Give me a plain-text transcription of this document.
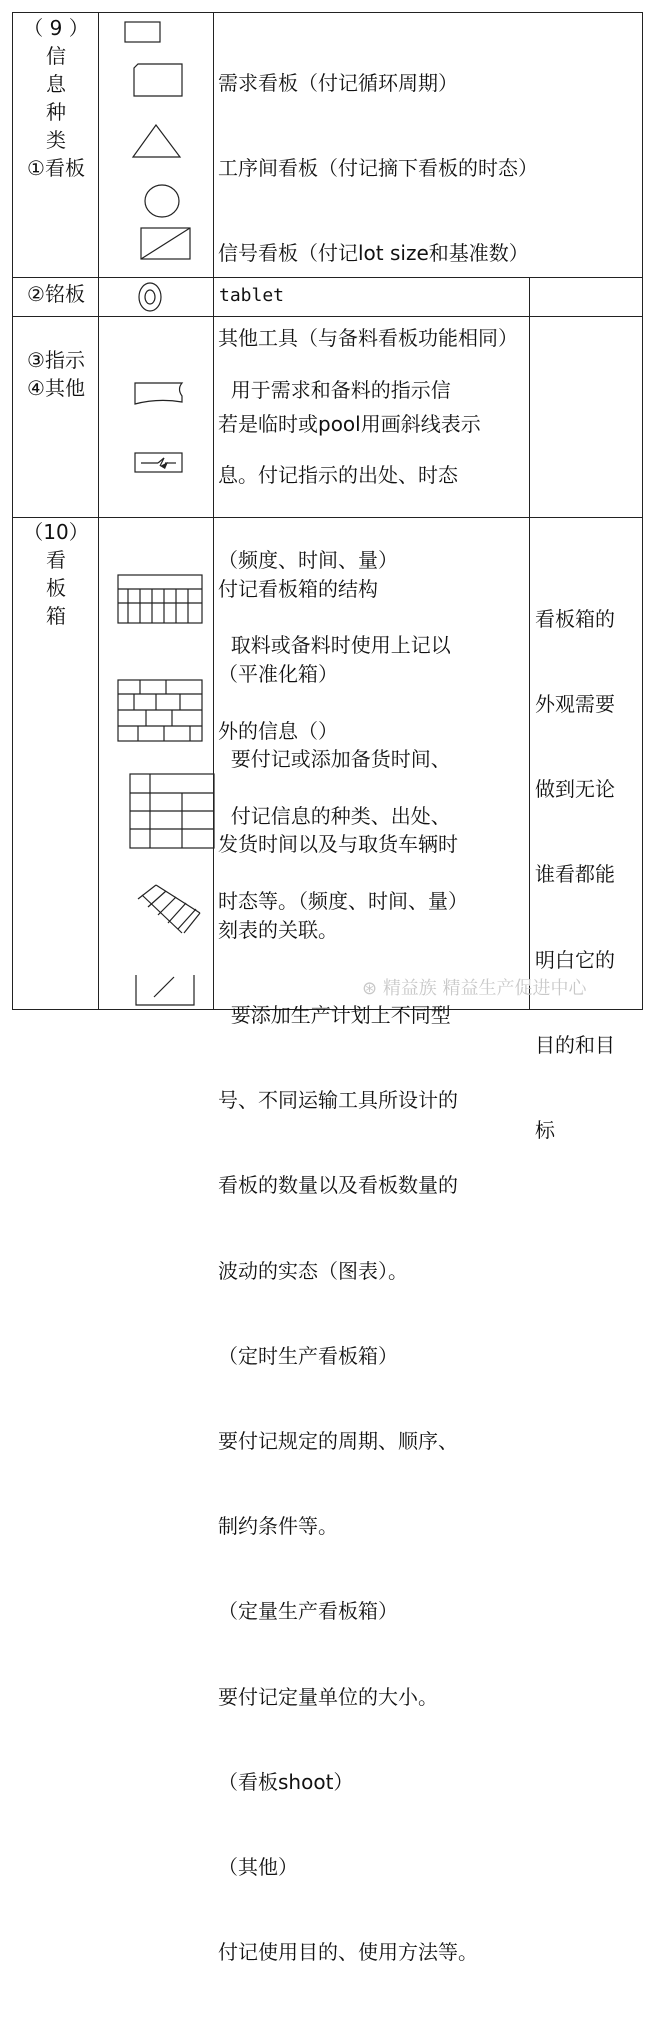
（ 9 ）
信
息
种
类
①看板

需求看板（付记循环周期）

工序间看板（付记摘下看板的时态）

信号看板（付记lot size和基准数）

其他工具（与备料看板功能相同）

若是临时或pool用画斜线表示

②铭板	tablet
③指示
④其他

	用于需求和备料的指示信

息。付记指示的出处、时态

（频度、时间、量）

取料或备料时使用上记以

外的信息（）

付记信息的种类、出处、

时态等。（频度、时间、量）

（10）
看
板
箱

付记看板箱的结构

（平准化箱）

要付记或添加备货时间、

发货时间以及与取货车辆时

刻表的关联。

要添加生产计划上不同型

号、不同运输工具所设计的

看板的数量以及看板数量的

波动的实态（图表）。

（定时生产看板箱）

要付记规定的周期、顺序、

制约条件等。

（定量生产看板箱）

要付记定量单位的大小。

（看板shoot）

（其他）

付记使用目的、使用方法等。

看板箱的

外观需要

做到无论

谁看都能

明白它的

目的和目

标

⊛ 精益族 精益生产促进中心
